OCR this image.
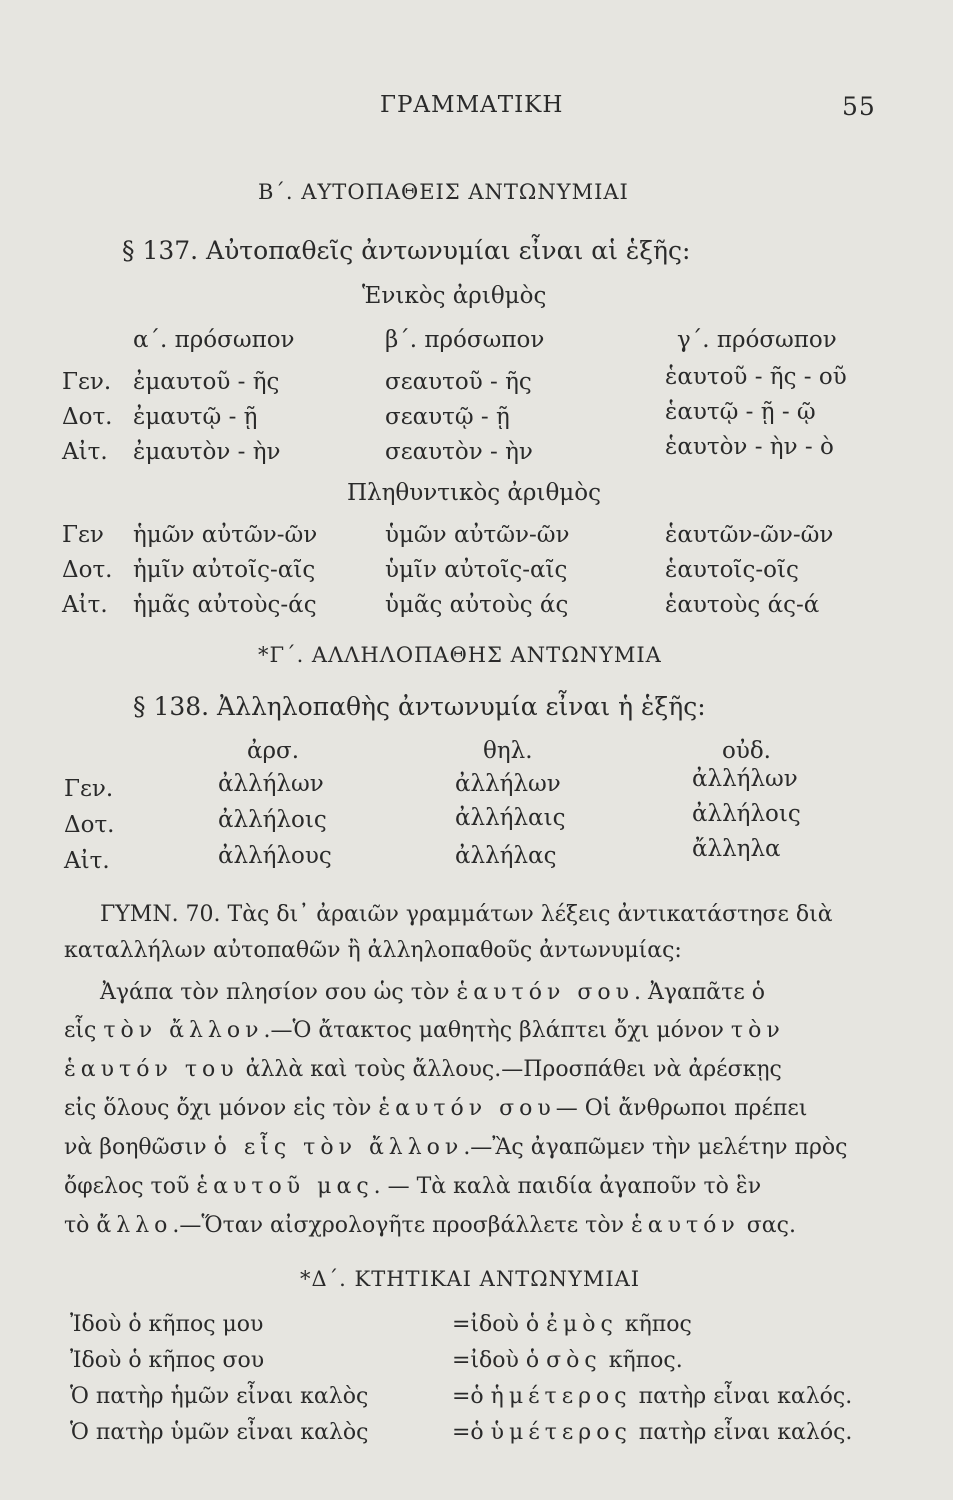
ΓΡΑΜΜΑΤΙΚΗ	55
Β΄. ΑΥΤΟΠΑΘΕΙΣ ΑΝΤΩΝΥΜΙΑΙ
§ 137. Αὐτοπαθεῖς ἀντωνυμίαι εἶναι αἱ ἑξῆς:
Ἑνικὸς ἀριθμὸς
α΄. πρόσωπον	β΄. πρόσωπον	γ΄. πρόσωπον
Γεν. ἐμαυτοῦ - ῆς	σεαυτοῦ - ῆς	ἑαυτοῦ - ῆς - οῦ
Δοτ. ἐμαυτῷ - ῇ	σεαυτῷ - ῇ	ἑαυτῷ - ῇ - ῷ
Αἰτ. ἐμαυτὸν - ὴν	σεαυτὸν - ὴν	ἑαυτὸν - ὴν - ὸ
Πληθυντικὸς ἀριθμὸς
Γεν ἡμῶν αὐτῶν-ῶν	ὑμῶν αὐτῶν-ῶν	ἑαυτῶν-ῶν-ῶν
Δοτ. ἡμῖν αὐτοῖς-αῖς	ὑμῖν αὐτοῖς-αῖς	ἑαυτοῖς-οῖς
Αἰτ. ἡμᾶς αὐτοὺς-άς	ὑμᾶς αὐτοὺς άς	ἑαυτοὺς άς-ά
*Γ΄. ΑΛΛΗΛΟΠΑΘΗΣ ΑΝΤΩΝΥΜΙΑ
§ 138. Ἀλληλοπαθὴς ἀντωνυμία εἶναι ἡ ἑξῆς:
ἀρσ.	θηλ.	οὐδ.
Γεν.	ἀλλήλων	ἀλλήλων	ἀλλήλων
Δοτ.	ἀλλήλοις	ἀλλήλαις	ἀλλήλοις
Αἰτ.	ἀλλήλους	ἀλλήλας	ἄλληλα
ΓΥΜΝ. 70. Τὰς δι᾽ ἀραιῶν γραμμάτων λέξεις ἀντικατάστησε διὰ
καταλλήλων αὐτοπαθῶν ἢ ἀλληλοπαθοῦς ἀντωνυμίας:
Ἀγάπα τὸν πλησίον σου ὡς τὸν ἑαυτόν σου. Ἀγαπᾶτε ὁ
εἷς τὸν ἄλλον.—Ὁ ἄτακτος μαθητὴς βλάπτει ὄχι μόνον τὸν
ἑαυτόν του ἀλλὰ καὶ τοὺς ἄλλους.—Προσπάθει νὰ ἀρέσκῃς
εἰς ὅλους ὄχι μόνον εἰς τὸν ἑαυτόν σου— Οἱ ἄνθρωποι πρέπει
νὰ βοηθῶσιν ὁ εἷς τὸν ἄλλον.—Ἂς ἀγαπῶμεν τὴν μελέτην πρὸς
ὄφελος τοῦ ἑαυτοῦ μας. — Τὰ καλὰ παιδία ἀγαποῦν τὸ ἓν
τὸ ἄλλο.—Ὅταν αἰσχρολογῆτε προσβάλλετε τὸν ἑαυτόν σας.
*Δ΄. ΚΤΗΤΙΚΑΙ ΑΝΤΩΝΥΜΙΑΙ
Ἰδοὺ ὁ κῆπος μου	=ἰδοὺ ὁ ἐμὸς κῆπος
Ἰδοὺ ὁ κῆπος σου	=ἰδοὺ ὁ σὸς κῆπος.
Ὁ πατὴρ ἡμῶν εἶναι καλὸς	=ὁ ἡμέτερος πατὴρ εἶναι καλός.
Ὁ πατὴρ ὑμῶν εἶναι καλὸς	=ὁ ὑμέτερος πατὴρ εἶναι καλός.
